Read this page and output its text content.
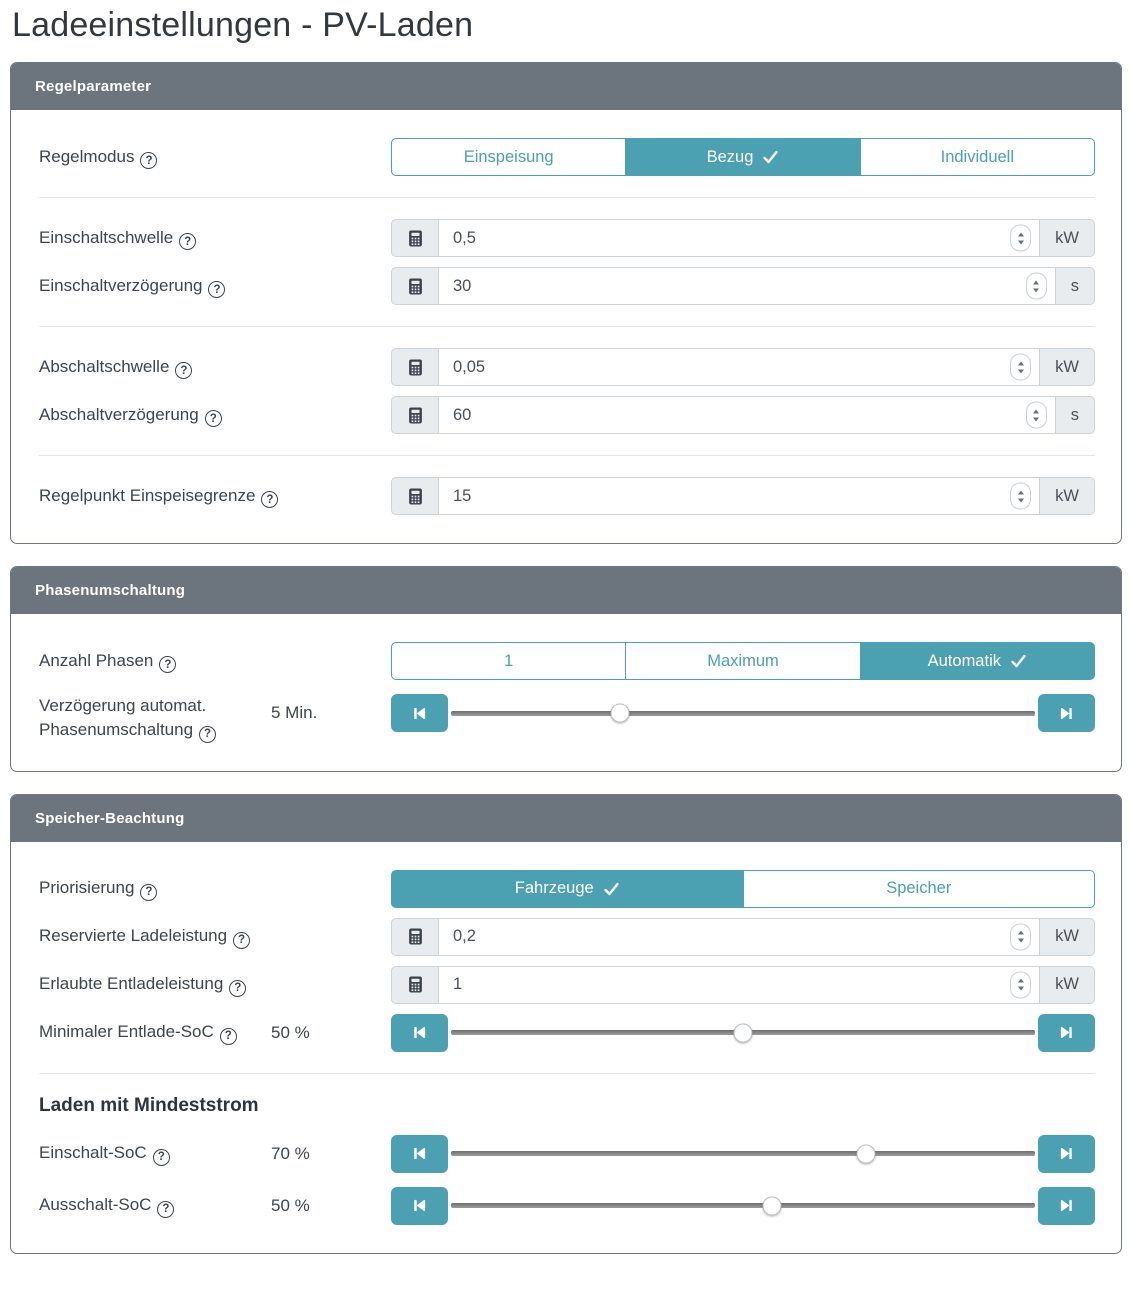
Ladeeinstellungen - PV-Laden
Regelparameter
Regelmodus ?	Einspeisung	Bezug	Individuell
Einschaltschwelle ?
0,5	kW
Einschaltverzögerung ?
30	s
Abschaltschwelle ?
0,05	kW
Abschaltverzögerung ?
60	s
Regelpunkt Einspeisegrenze ?
15	kW
Phasenumschaltung
Anzahl Phasen ?	1	Maximum	Automatik
Verzögerung automat. Phasenumschaltung ?
5 Min.
Speicher-Beachtung
Priorisierung ?	Fahrzeuge	Speicher
Reservierte Ladeleistung ?
0,2	kW
Erlaubte Entladeleistung ?
1	kW
Minimaler Entlade-SoC ?	50 %
Laden mit Mindeststrom
Einschalt-SoC ?	70 %
Ausschalt-SoC ?	50 %
